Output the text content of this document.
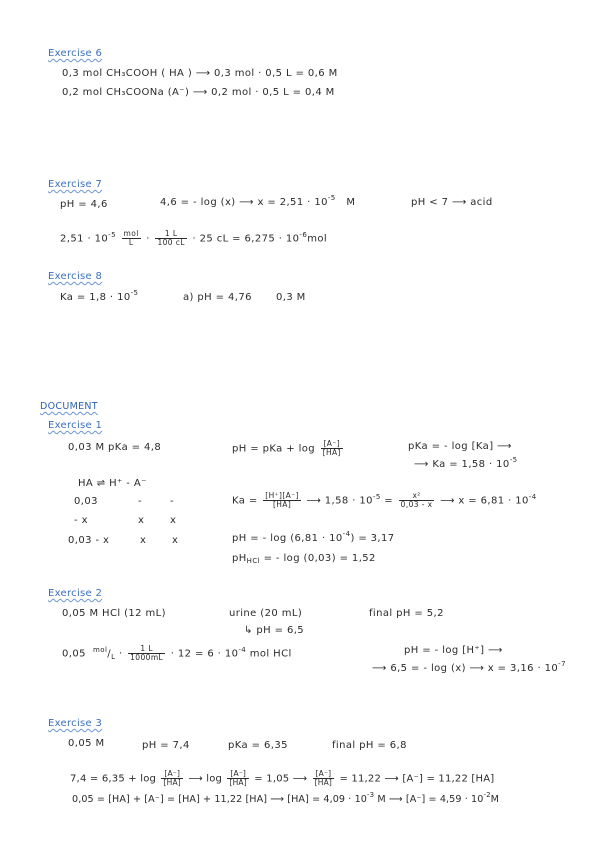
Exercise 6
0,3 mol CH₃COOH ( HA ) ⟶ 0,3 mol · 0,5 L = 0,6 M
0,2 mol CH₃COONa (A⁻) ⟶ 0,2 mol · 0,5 L = 0,4 M
Exercise 7
pH = 4,6	4,6 = - log (x) ⟶ $x = 2,51 \cdot 10^{-5}$ M	pH < 7 ⟶ acid
$2,51 \cdot 10^{-5} \frac{\text{mol}}{L} \cdot \frac{1 L}{100 cL} \cdot 25$ cL = $6,275 \cdot 10^{-6}mol$
Exercise 8
$Ka = 1,8 \cdot 10^{-5}$	a) pH = 4,76 0,3 M
DOCUMENT
Exercise 1
0,03 M pKa = 4,8	pH = pKa + $\log \frac{[A^-]}{[HA]}$	pKa = - log [Ka] ⟶
⟶ $Ka = 1,58 \cdot 10^{-5}$
HA ⇌ H⁺ - A⁻
0,03	-	-
- x	x	x
0,03 - x	x	x
$Ka = \frac{[H^+][A^-]}{[HA]}$ ⟶ $1,58 \cdot 10^{-5} = \frac{\text{x²}}{0,03 - x}$ ⟶ $x = 6,81 \cdot 10^{-4}$
pH = - $\log (6,81 \cdot 10^{-4}) = 3,17$
$pH_{HCl}$ = - log (0,03) = 1,52
Exercise 2
0,05 M HCl (12 mL)	urine (20 mL)
↳ pH = 6,5
final pH = 5,2
0,05 $^{mol}/_L \cdot \frac{1 L}{1000mL} \cdot 12 = 6 \cdot 10^{-4}$ mol HCl	pH = - log [H⁺] ⟶
⟶ 6,5 = - log (x) ⟶ $x = 3,16 \cdot 10^{-7}$
Exercise 3
0,05 M	pH = 7,4	pKa = 6,35	final pH = 6,8
$7,4 = 6,35 + \log \frac{[A^-]}{[HA]}$ ⟶ $\log \frac{[A^-]}{[HA]} = 1,05$ ⟶ $\frac{[A^-]}{[HA]} = 11,22$ ⟶ [A⁻] = 11,22 [HA]
0,05 = [HA] + [A⁻] = [HA] + 11,22 [HA] ⟶ $[HA] = 4,09 \cdot 10^{-3}$ M ⟶ $[A^-] = 4,59 \cdot 10^{-2}M$
